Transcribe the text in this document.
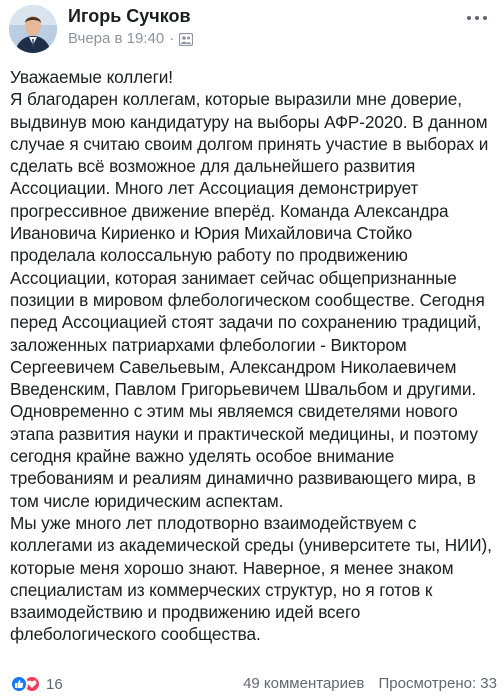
Игорь Сучков
Вчера в 19:40 ·

Уважаемые коллеги!

Я благодарен коллегам, которые выразили мне доверие, выдвинув мою кандидатуру на выборы АФР-2020. В данном случае я считаю своим долгом принять участие в выборах и сделать всё возможное для дальнейшего развития Ассоциации. Много лет Ассоциация демонстрирует прогрессивное движение вперёд. Команда Александра Ивановича Кириенко и Юрия Михайловича Стойко проделала колоссальную работу по продвижению Ассоциации, которая занимает сейчас общепризнанные позиции в мировом флебологическом сообществе. Сегодня перед Ассоциацией стоят задачи по сохранению традиций, заложенных патриархами флебологии - Виктором Сергеевичем Савельевым, Александром Николаевичем Введенским, Павлом Григорьевичем Швальбом и другими. Одновременно с этим мы являемся свидетелями нового этапа развития науки и практической медицины, и поэтому сегодня крайне важно уделять особое внимание требованиям и реалиям динамично развивающего мира, в том числе юридическим аспектам.

Мы уже много лет плодотворно взаимодействуем с коллегами из академической среды (университете ты, НИИ), которые меня хорошо знают. Наверное, я менее знаком специалистам из коммерческих структур, но я готов к взаимодействию и продвижению идей всего флебологического сообщества.

16	49 комментариев Просмотрено: 33
